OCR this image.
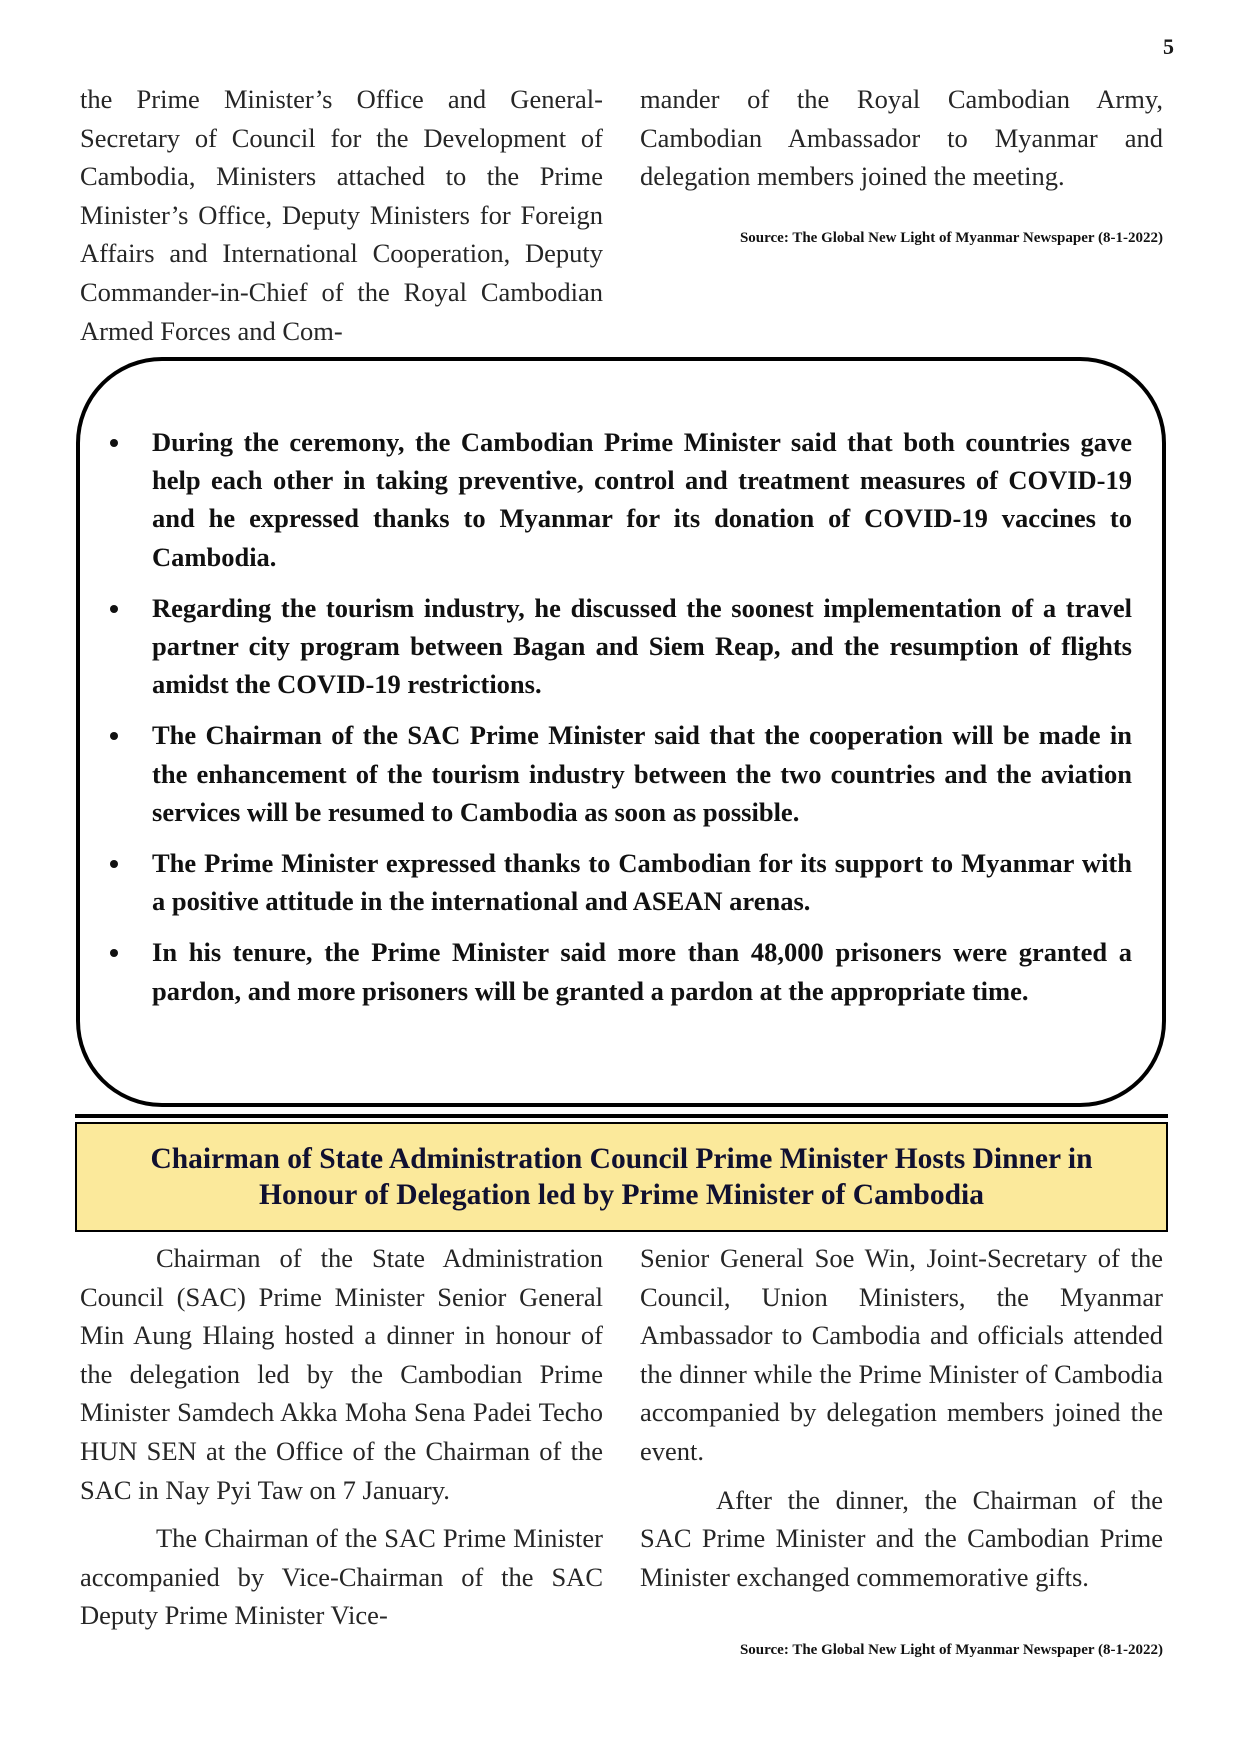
5

the Prime Minister’s Office and General-Secretary of Council for the Development of Cambodia, Ministers attached to the Prime Minister’s Office, Deputy Ministers for Foreign Affairs and International Cooperation, Deputy Commander-in-Chief of the Royal Cambodian Armed Forces and Com-

mander of the Royal Cambodian Army, Cambodian Ambassador to Myanmar and delegation members joined the meeting.

Source: The Global New Light of Myanmar Newspaper (8-1-2022)
During the ceremony, the Cambodian Prime Minister said that both countries gave help each other in taking preventive, control and treatment measures of COVID-19 and he expressed thanks to Myanmar for its donation of COVID-19 vaccines to Cambodia.
Regarding the tourism industry, he discussed the soonest implementation of a travel partner city program between Bagan and Siem Reap, and the resumption of flights amidst the COVID-19 restrictions.
The Chairman of the SAC Prime Minister said that the cooperation will be made in the enhancement of the tourism industry between the two countries and the aviation services will be resumed to Cambodia as soon as possible.
The Prime Minister expressed thanks to Cambodian for its support to Myanmar with a positive attitude in the international and ASEAN arenas.
In his tenure, the Prime Minister said more than 48,000 prisoners were granted a pardon, and more prisoners will be granted a pardon at the appropriate time.
Chairman of State Administration Council Prime Minister Hosts Dinner in
Honour of Delegation led by Prime Minister of Cambodia

Chairman of the State Administration Council (SAC) Prime Minister Senior General Min Aung Hlaing hosted a dinner in honour of the delegation led by the Cambodian Prime Minister Samdech Akka Moha Sena Padei Techo HUN SEN at the Office of the Chairman of the SAC in Nay Pyi Taw on 7 January.

The Chairman of the SAC Prime Minister accompanied by Vice-Chairman of the SAC Deputy Prime Minister Vice-

Senior General Soe Win, Joint-Secretary of the Council, Union Ministers, the Myanmar Ambassador to Cambodia and officials attended the dinner while the Prime Minister of Cambodia accompanied by delegation members joined the event.

After the dinner, the Chairman of the SAC Prime Minister and the Cambodian Prime Minister exchanged commemorative gifts.

Source: The Global New Light of Myanmar Newspaper (8-1-2022)
